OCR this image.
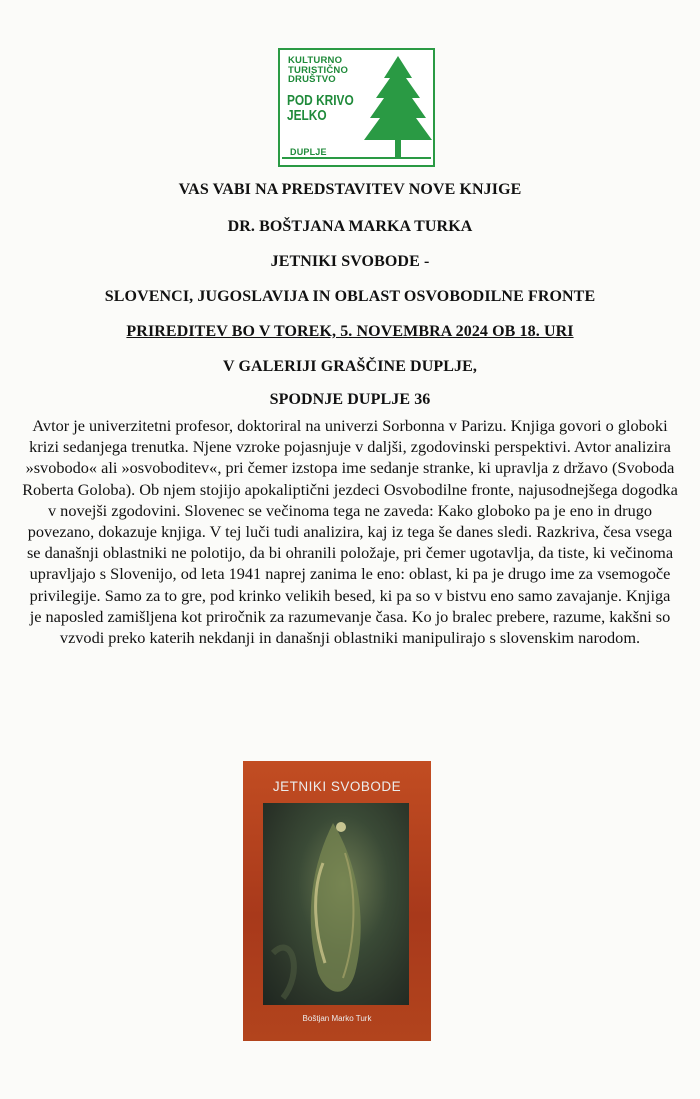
KULTURNO TURISTIČNO DRUŠTVO
POD KRIVO JELKO
DUPLJE
VAS VABI NA PREDSTAVITEV NOVE KNJIGE
DR. BOŠTJANA MARKA TURKA
JETNIKI SVOBODE -
SLOVENCI, JUGOSLAVIJA IN OBLAST OSVOBODILNE FRONTE
PRIREDITEV BO V TOREK, 5. NOVEMBRA 2024 OB 18. URI
V GALERIJI GRAŠČINE DUPLJE,
SPODNJE DUPLJE 36
Avtor je univerzitetni profesor, doktoriral na univerzi Sorbonna v Parizu. Knjiga govori o globoki krizi sedanjega trenutka. Njene vzroke pojasnjuje v daljši, zgodovinski perspektivi. Avtor analizira »svobodo« ali »osvoboditev«, pri čemer izstopa ime sedanje stranke, ki upravlja z državo (Svoboda Roberta Goloba). Ob njem stojijo apokaliptični jezdeci Osvobodilne fronte, najusodnejšega dogodka v novejši zgodovini. Slovenec se večinoma tega ne zaveda: Kako globoko pa je eno in drugo povezano, dokazuje knjiga. V tej luči tudi analizira, kaj iz tega še danes sledi. Razkriva, česa vsega se današnji oblastniki ne polotijo, da bi ohranili položaje, pri čemer ugotavlja, da tiste, ki večinoma upravljajo s Slovenijo, od leta 1941 naprej zanima le eno: oblast, ki pa je drugo ime za vsemogoče privilegije. Samo za to gre, pod krinko velikih besed, ki pa so v bistvu eno samo zavajanje. Knjiga je naposled zamišljena kot priročnik za razumevanje časa. Ko jo bralec prebere, razume, kakšni so vzvodi preko katerih nekdanji in današnji oblastniki manipulirajo s slovenskim narodom.
JETNIKI SVOBODE
Boštjan Marko Turk
